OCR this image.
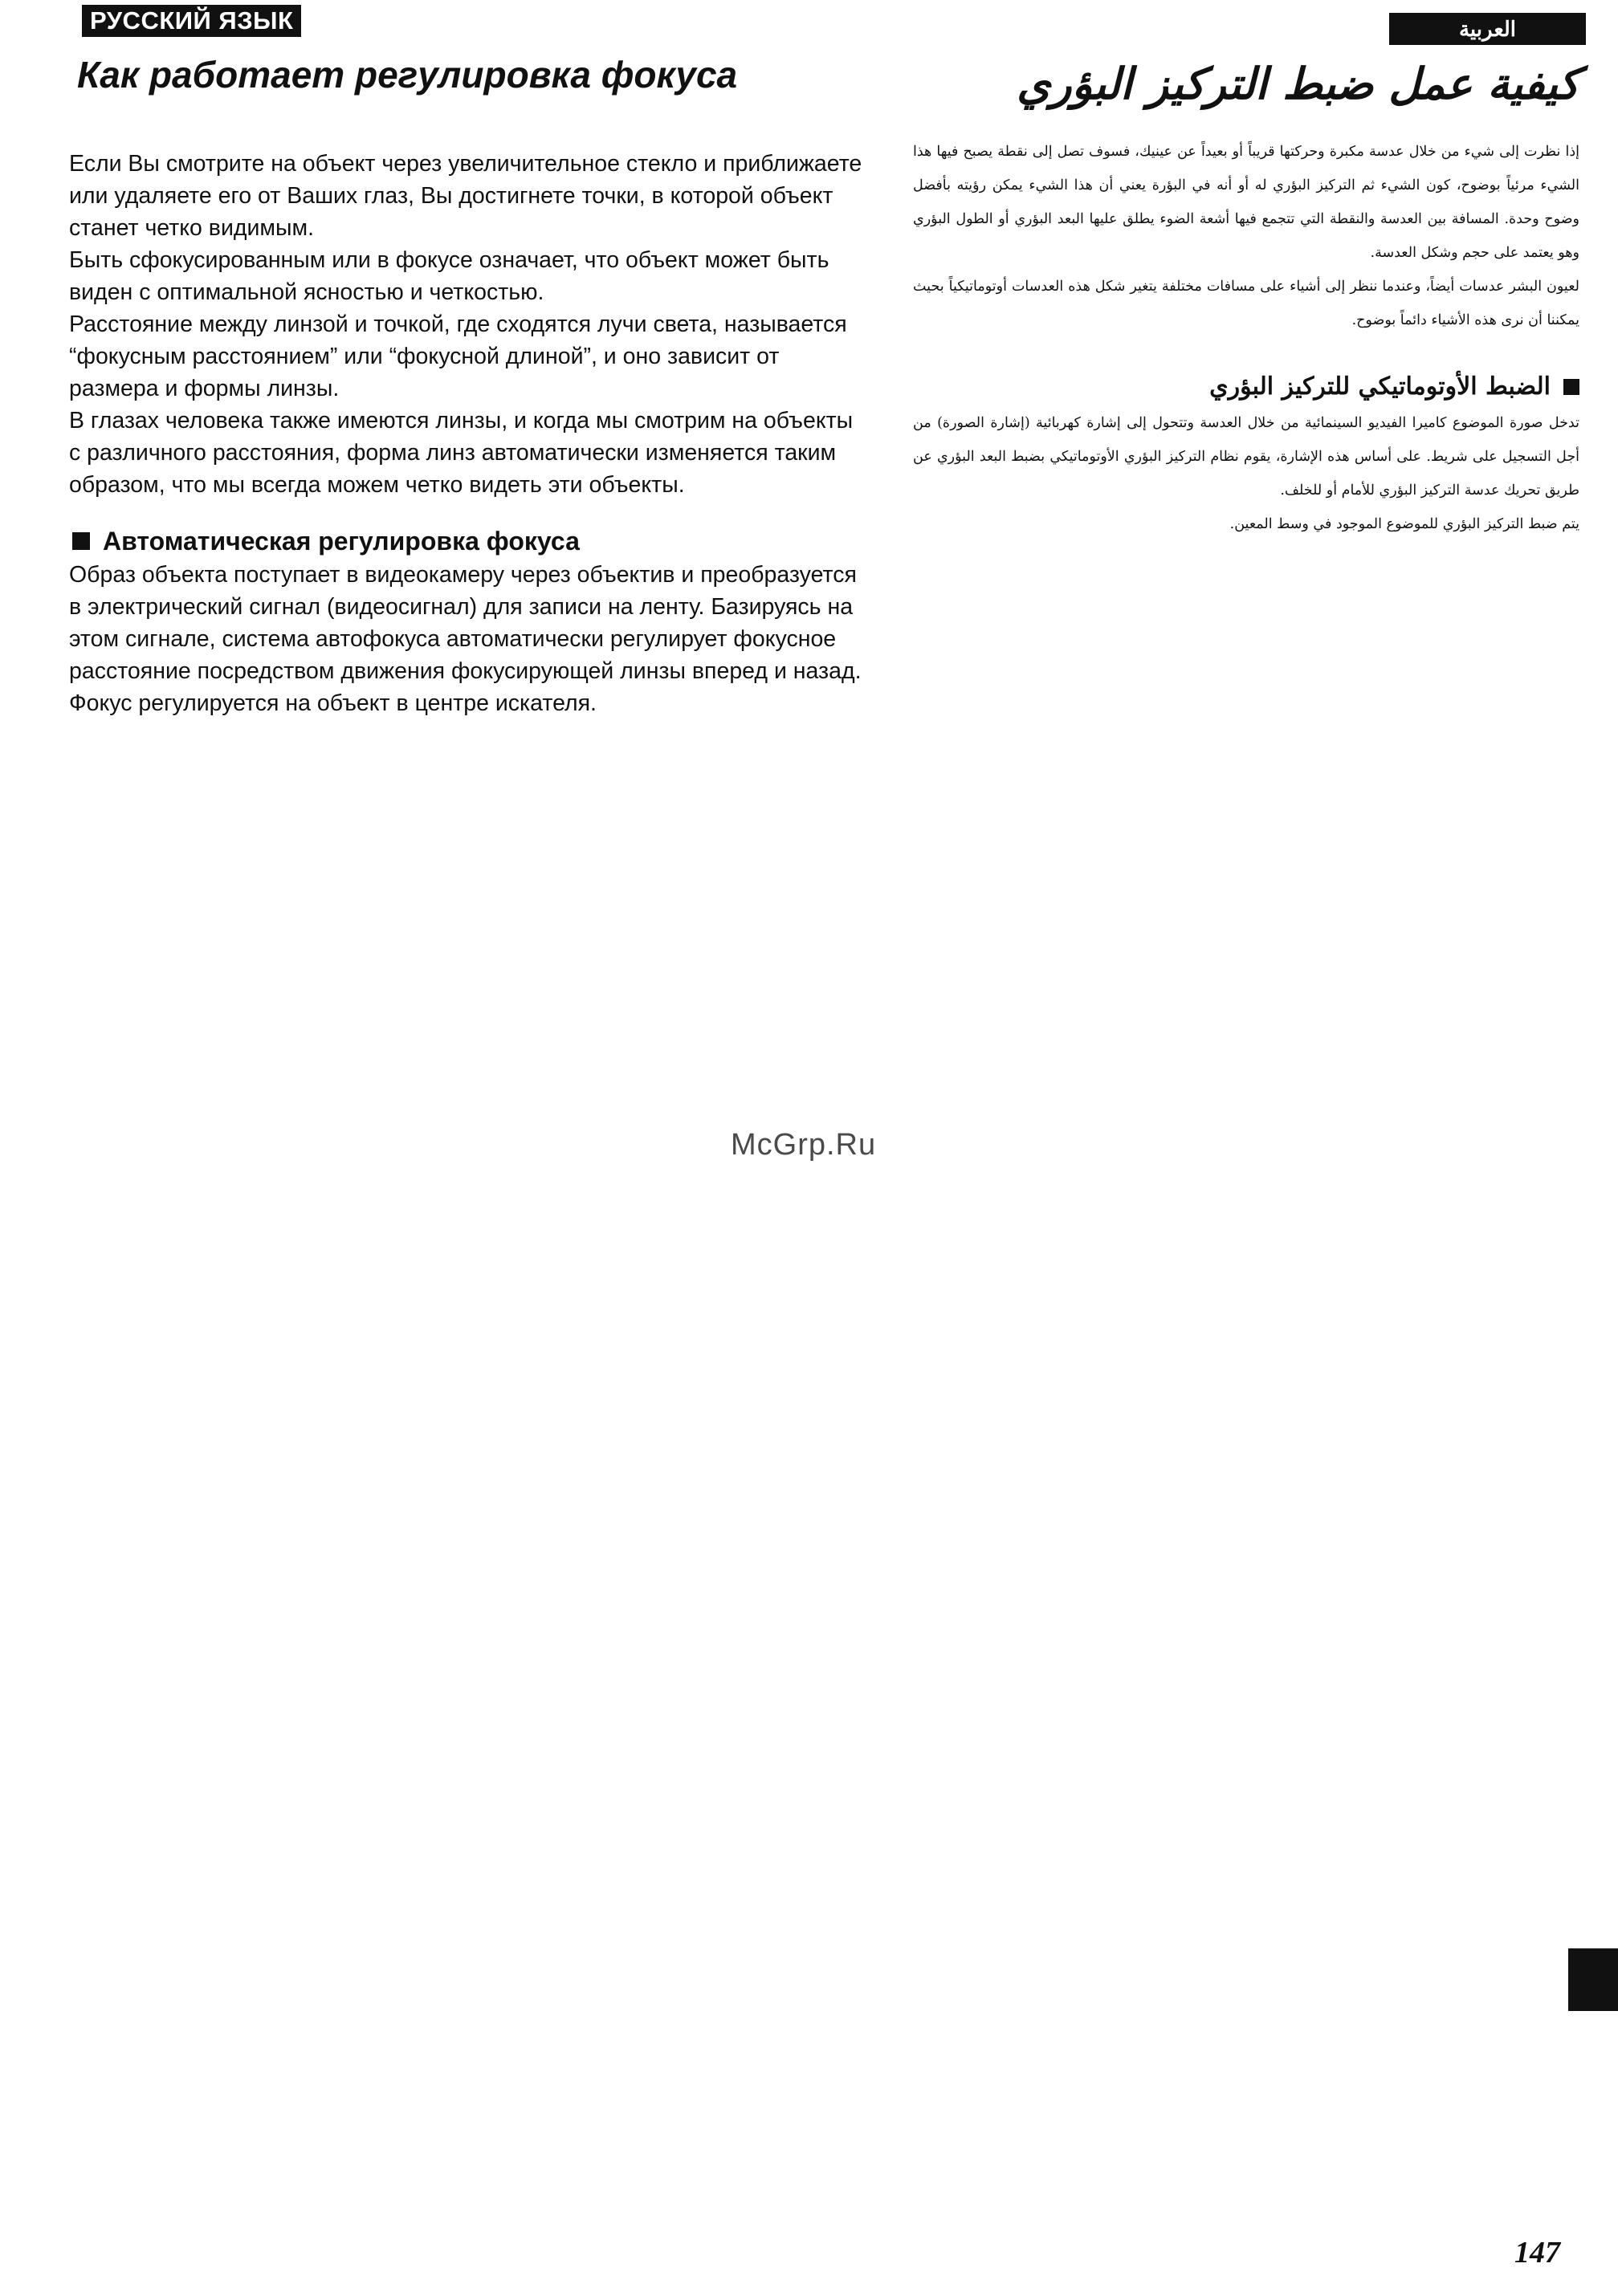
РУССКИЙ ЯЗЫК	العربية
Как работает регулировка фокуса

Если Вы смотрите на объект через увеличительное стекло и приближаете или удаляете его от Ваших глаз, Вы достигнете точки, в которой объект станет четко видимым.

Быть сфокусированным или в фокусе означает, что объект может быть виден с оптимальной ясностью и четкостью.

Расстояние между линзой и точкой, где сходятся лучи света, называется “фокусным расстоянием” или “фокусной длиной”, и оно зависит от размера и формы линзы.

В глазах человека также имеются линзы, и когда мы смотрим на объекты с различного расстояния, форма линз автоматически изменяется таким образом, что мы всегда можем четко видеть эти объекты.

Автоматическая регулировка фокуса

Образ объекта поступает в видеокамеру через объектив и преобразуется в электрический сигнал (видеосигнал) для записи на ленту. Базируясь на этом сигнале, система автофокуса автоматически регулирует фокусное расстояние посредством движения фокусирующей линзы вперед и назад.

Фокус регулируется на объект в центре искателя.

كيفية عمل ضبط التركيز البؤري

إذا نظرت إلى شيء من خلال عدسة مكبرة وحركتها قريباً أو بعيداً عن عينيك، فسوف تصل إلى نقطة يصبح فيها هذا الشيء مرئياً بوضوح، كون الشيء ثم التركيز البؤري له أو أنه في البؤرة يعني أن هذا الشيء يمكن رؤيته بأفضل وضوح وحدة. المسافة بين العدسة والنقطة التي تتجمع فيها أشعة الضوء يطلق عليها البعد البؤري أو الطول البؤري وهو يعتمد على حجم وشكل العدسة.

لعيون البشر عدسات أيضاً، وعندما ننظر إلى أشياء على مسافات مختلفة يتغير شكل هذه العدسات أوتوماتيكياً بحيث يمكننا أن نرى هذه الأشياء دائماً بوضوح.

الضبط الأوتوماتيكي للتركيز البؤري

تدخل صورة الموضوع كاميرا الفيديو السينمائية من خلال العدسة وتتحول إلى إشارة كهربائية (إشارة الصورة) من أجل التسجيل على شريط. على أساس هذه الإشارة، يقوم نظام التركيز البؤري الأوتوماتيكي بضبط البعد البؤري عن طريق تحريك عدسة التركيز البؤري للأمام أو للخلف.

يتم ضبط التركيز البؤري للموضوع الموجود في وسط المعين.

McGrp.Ru
147
